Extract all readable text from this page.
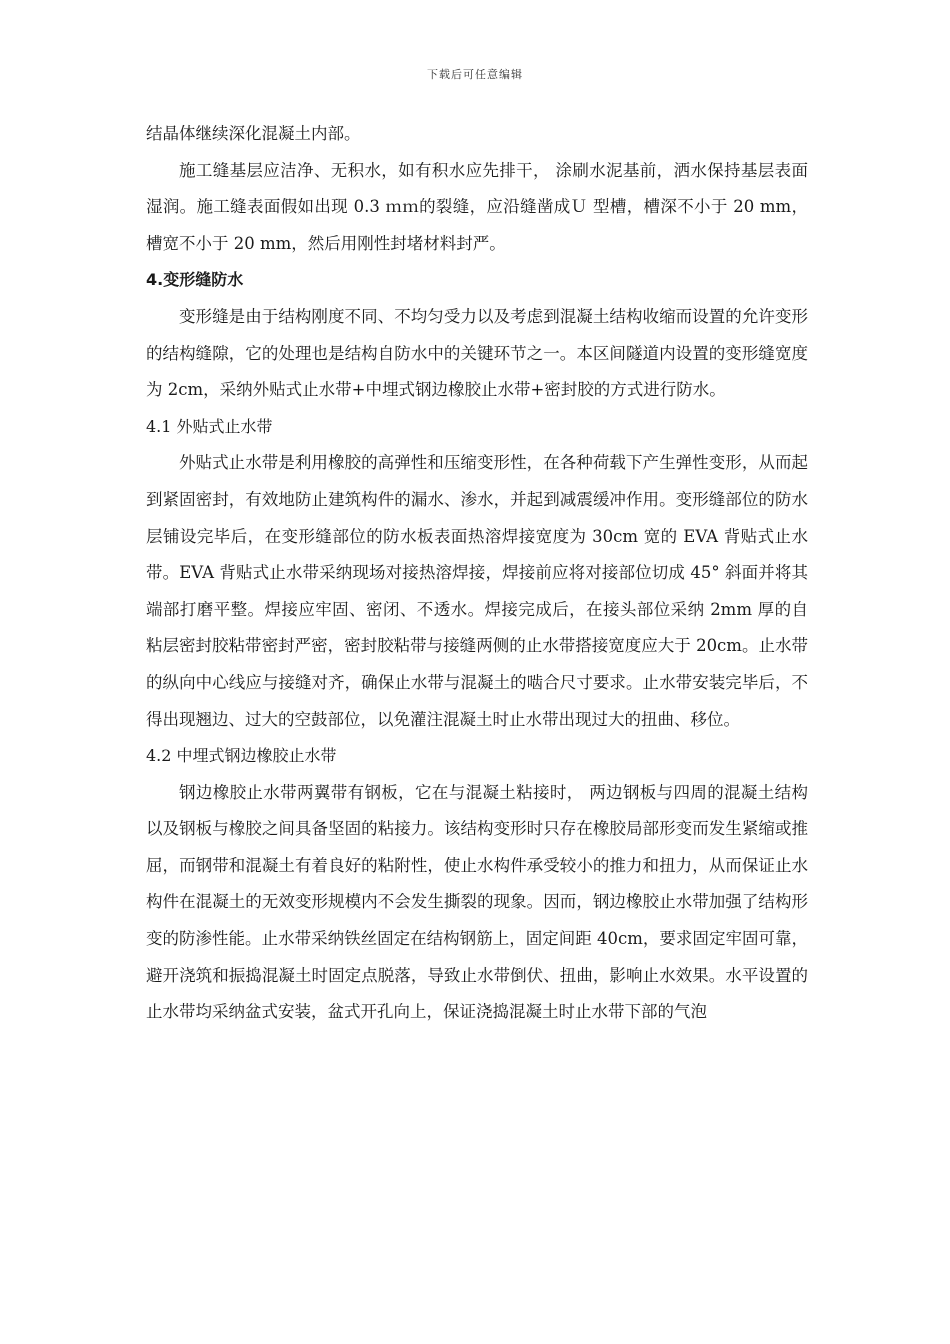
下载后可任意编辑

结晶体继续深化混凝土内部。

施工缝基层应洁净、无积水，如有积水应先排干， 涂刷水泥基前，洒水保持基层表面湿润。施工缝表面假如出现 0.3 ｍｍ的裂缝，应沿缝凿成Ｕ 型槽，槽深不小于 20 mm，槽宽不小于 20 mm，然后用刚性封堵材料封严。

4.变形缝防水

变形缝是由于结构刚度不同、不均匀受力以及考虑到混凝土结构收缩而设置的允许变形的结构缝隙，它的处理也是结构自防水中的关键环节之一。本区间隧道内设置的变形缝宽度为 2cm，采纳外贴式止水带+中埋式钢边橡胶止水带+密封胶的方式进行防水。

4.1 外贴式止水带

外贴式止水带是利用橡胶的高弹性和压缩变形性，在各种荷载下产生弹性变形，从而起到紧固密封，有效地防止建筑构件的漏水、渗水，并起到减震缓冲作用。变形缝部位的防水层铺设完毕后，在变形缝部位的防水板表面热溶焊接宽度为 30cm 宽的 EVA 背贴式止水带。EVA 背贴式止水带采纳现场对接热溶焊接，焊接前应将对接部位切成 45° 斜面并将其端部打磨平整。焊接应牢固、密闭、不透水。焊接完成后，在接头部位采纳 2mm 厚的自粘层密封胶粘带密封严密，密封胶粘带与接缝两侧的止水带搭接宽度应大于 20cm。止水带的纵向中心线应与接缝对齐，确保止水带与混凝土的啮合尺寸要求。止水带安装完毕后，不得出现翘边、过大的空鼓部位，以免灌注混凝土时止水带出现过大的扭曲、移位。

4.2 中埋式钢边橡胶止水带

钢边橡胶止水带两翼带有钢板，它在与混凝土粘接时， 两边钢板与四周的混凝土结构以及钢板与橡胶之间具备坚固的粘接力。该结构变形时只存在橡胶局部形变而发生紧缩或推屈，而钢带和混凝土有着良好的粘附性，使止水构件承受较小的推力和扭力，从而保证止水构件在混凝土的无效变形规模内不会发生撕裂的现象。因而，钢边橡胶止水带加强了结构形变的防渗性能。止水带采纳铁丝固定在结构钢筋上，固定间距 40cm，要求固定牢固可靠，避开浇筑和振捣混凝土时固定点脱落，导致止水带倒伏、扭曲，影响止水效果。水平设置的止水带均采纳盆式安装，盆式开孔向上，保证浇捣混凝土时止水带下部的气泡
